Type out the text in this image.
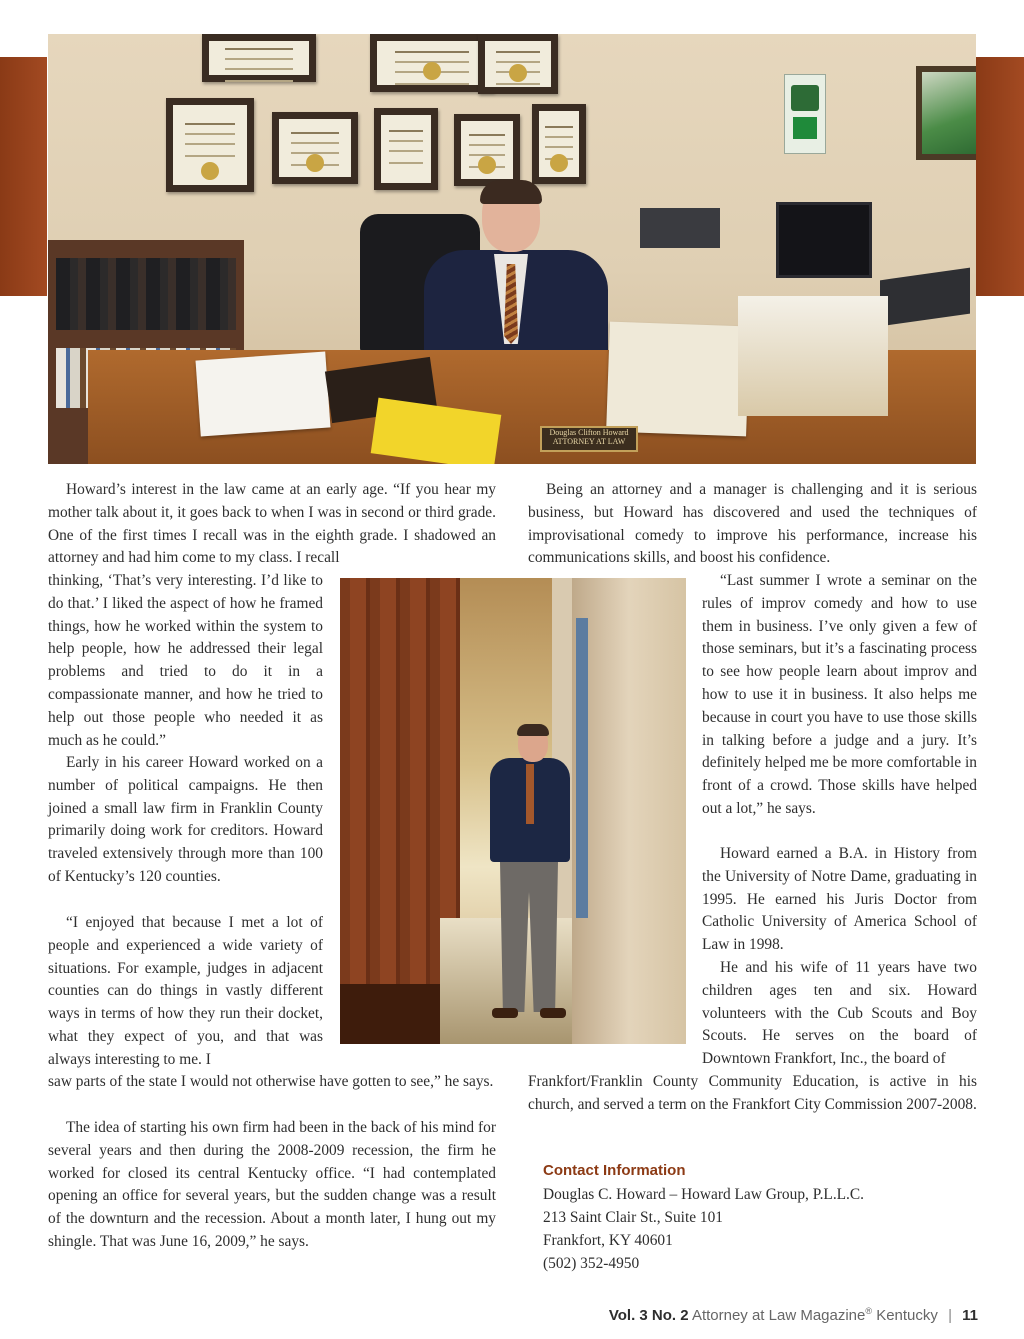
Douglas Clifton Howard
ATTORNEY AT LAW

Howard’s interest in the law came at an early age. “If you hear my mother talk about it, it goes back to when I was in second or third grade. One of the first times I recall was in the eighth grade. I shadowed an attorney and had him come to my class. I recall

thinking, ‘That’s very interesting. I’d like to do that.’ I liked the aspect of how he framed things, how he worked within the system to help people, how he addressed their legal problems and tried to do it in a compassionate manner, and how he tried to help out those people who needed it as much as he could.”

Early in his career Howard worked on a number of political campaigns. He then joined a small law firm in Franklin County primarily doing work for creditors. Howard traveled extensively through more than 100 of Kentucky’s 120 counties.

“I enjoyed that because I met a lot of people and experienced a wide variety of situations. For example, judges in adjacent counties can do things in vastly different ways in terms of how they run their docket, what they expect of you, and that was always interesting to me. I

saw parts of the state I would not otherwise have gotten to see,” he says.

The idea of starting his own firm had been in the back of his mind for several years and then during the 2008-2009 recession, the firm he worked for closed its central Kentucky office. “I had contemplated opening an office for several years, but the sudden change was a result of the downturn and the recession. About a month later, I hung out my shingle. That was June 16, 2009,” he says.

Being an attorney and a manager is challenging and it is serious business, but Howard has discovered and used the techniques of improvisational comedy to improve his performance, increase his communications skills, and boost his confidence.

“Last summer I wrote a seminar on the rules of improv comedy and how to use them in business. I’ve only given a few of those seminars, but it’s a fascinating process to see how people learn about improv and how to use it in business. It also helps me because in court you have to use those skills in talking before a judge and a jury. It’s definitely helped me be more comfortable in front of a crowd. Those skills have helped out a lot,” he says.

Howard earned a B.A. in History from the University of Notre Dame, graduating in 1995. He earned his Juris Doctor from Catholic University of America School of Law in 1998.

He and his wife of 11 years have two children ages ten and six. Howard volunteers with the Cub Scouts and Boy Scouts. He serves on the board of Downtown Frankfort, Inc., the board of

Frankfort/Franklin County Community Education, is active in his church, and served a term on the Frankfort City Commission 2007-2008.

Contact Information

Douglas C. Howard – Howard Law Group, P.L.L.C.

213 Saint Clair St., Suite 101

Frankfort, KY 40601

(502) 352-4950

Vol. 3 No. 2 Attorney at Law Magazine® Kentucky | 11
